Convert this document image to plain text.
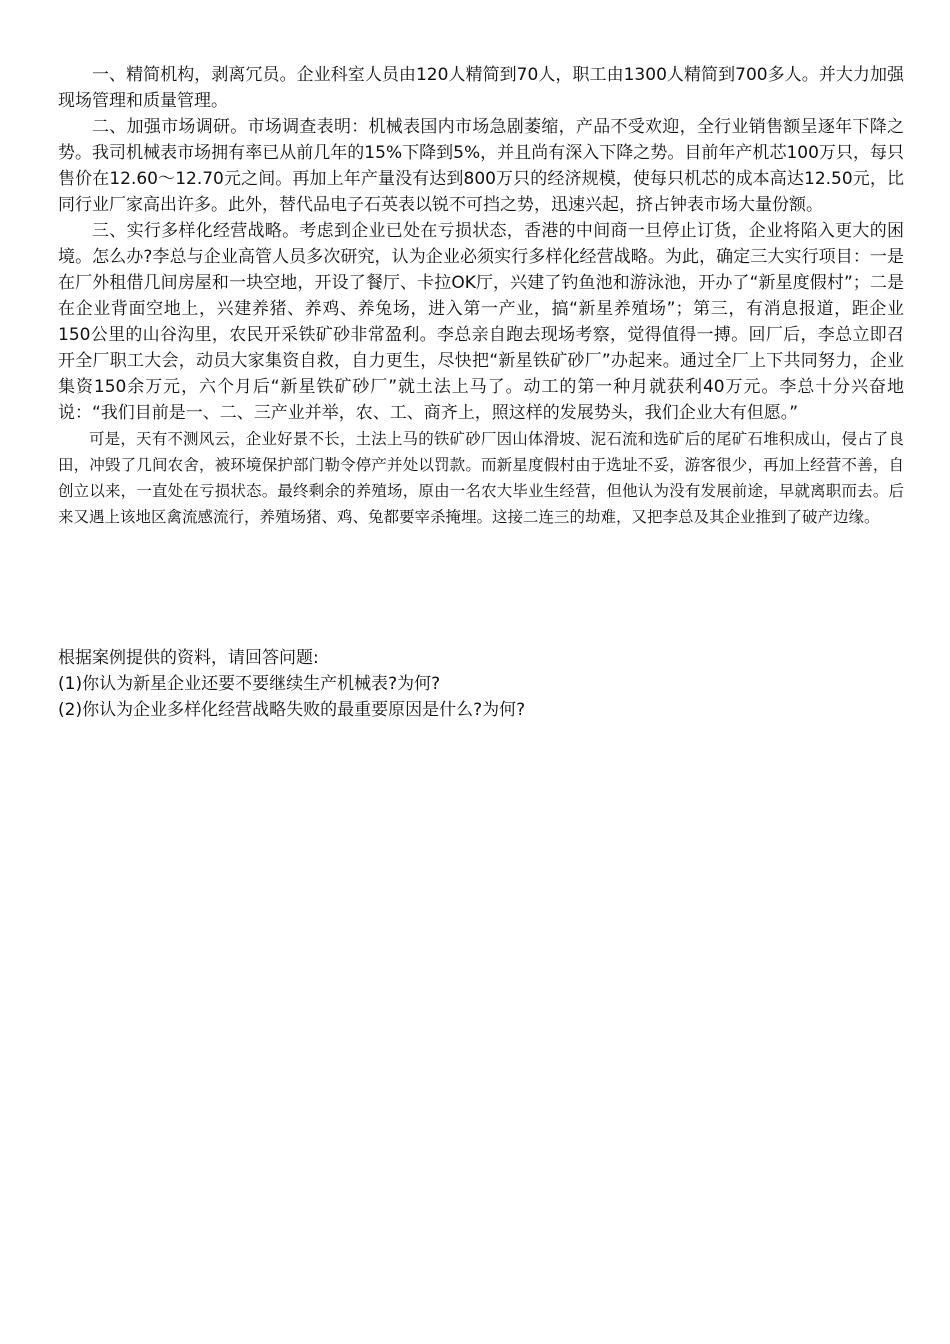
一、精简机构，剥离冗员。企业科室人员由120人精简到70人，职工由1300人精简到700多人。并大力加强现场管理和质量管理。

二、加强市场调研。市场调查表明：机械表国内市场急剧萎缩，产品不受欢迎，全行业销售额呈逐年下降之势。我司机械表市场拥有率已从前几年的15%下降到5%，并且尚有深入下降之势。目前年产机芯100万只，每只售价在12.60～12.70元之间。再加上年产量没有达到800万只的经济规模，使每只机芯的成本高达12.50元，比同行业厂家高出许多。此外，替代品电子石英表以锐不可挡之势，迅速兴起，挤占钟表市场大量份额。

三、实行多样化经营战略。考虑到企业已处在亏损状态，香港的中间商一旦停止订货，企业将陷入更大的困境。怎么办?李总与企业高管人员多次研究，认为企业必须实行多样化经营战略。为此，确定三大实行项目：一是在厂外租借几间房屋和一块空地，开设了餐厅、卡拉OK厅，兴建了钓鱼池和游泳池，开办了“新星度假村”；二是在企业背面空地上，兴建养猪、养鸡、养兔场，进入第一产业，搞“新星养殖场”；第三，有消息报道，距企业150公里的山谷沟里，农民开采铁矿砂非常盈利。李总亲自跑去现场考察，觉得值得一搏。回厂后，李总立即召开全厂职工大会，动员大家集资自救，自力更生，尽快把“新星铁矿砂厂”办起来。通过全厂上下共同努力，企业集资150余万元，六个月后“新星铁矿砂厂”就土法上马了。动工的第一种月就获利40万元。李总十分兴奋地说：“我们目前是一、二、三产业并举，农、工、商齐上，照这样的发展势头，我们企业大有但愿。”

可是，天有不测风云，企业好景不长，土法上马的铁矿砂厂因山体滑坡、泥石流和选矿后的尾矿石堆积成山，侵占了良田，冲毁了几间农舍，被环境保护部门勒令停产并处以罚款。而新星度假村由于选址不妥，游客很少，再加上经营不善，自创立以来，一直处在亏损状态。最终剩余的养殖场，原由一名农大毕业生经营，但他认为没有发展前途，早就离职而去。后来又遇上该地区禽流感流行，养殖场猪、鸡、兔都要宰杀掩埋。这接二连三的劫难，又把李总及其企业推到了破产边缘。

根据案例提供的资料，请回答问题:

(1)你认为新星企业还要不要继续生产机械表?为何?

(2)你认为企业多样化经营战略失败的最重要原因是什么?为何?
